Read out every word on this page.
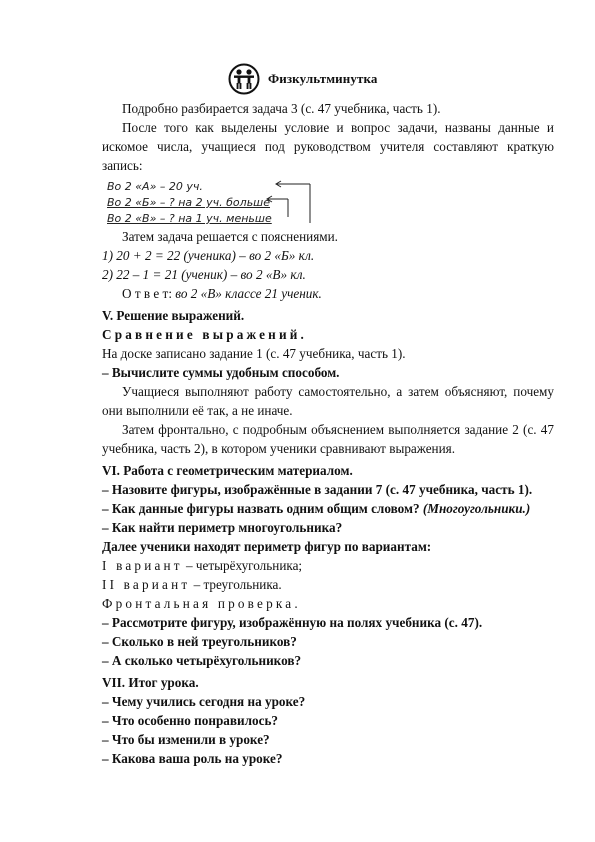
Физкультминутка

Подробно разбирается задача 3 (с. 47 учебника, часть 1).

После того как выделены условие и вопрос задачи, названы данные и искомое числа, учащиеся под руководством учителя составляют краткую запись:

Во 2 «А» – 20 уч.
Во 2 «Б» – ? на 2 уч. больше
Во 2 «В» – ? на 1 уч. меньше

Затем задача решается с пояснениями.

1) 20 + 2 = 22 (ученика) – во 2 «Б» кл.

2) 22 – 1 = 21 (ученик) – во 2 «В» кл.

О т в е т: во 2 «В» классе 21 ученик.

V. Решение выражений.

Сравнение выражений.

На доске записано задание 1 (с. 47 учебника, часть 1).

– Вычислите суммы удобным способом.

Учащиеся выполняют работу самостоятельно, а затем объясняют, почему они выполнили её так, а не иначе.

Затем фронтально, с подробным объяснением выполняется задание 2 (с. 47 учебника, часть 2), в котором ученики сравнивают выражения.

VI. Работа с геометрическим материалом.

– Назовите фигуры, изображённые в задании 7 (с. 47 учебника, часть 1).

– Как данные фигуры назвать одним общим словом? (Многоугольники.)

– Как найти периметр многоугольника?

Далее ученики находят периметр фигур по вариантам:

I вариант – четырёхугольника;

II вариант – треугольника.

Фронтальная проверка.

– Рассмотрите фигуру, изображённую на полях учебника (с. 47).

– Сколько в ней треугольников?

– А сколько четырёхугольников?

VII. Итог урока.

– Чему учились сегодня на уроке?

– Что особенно понравилось?

– Что бы изменили в уроке?

– Какова ваша роль на уроке?
